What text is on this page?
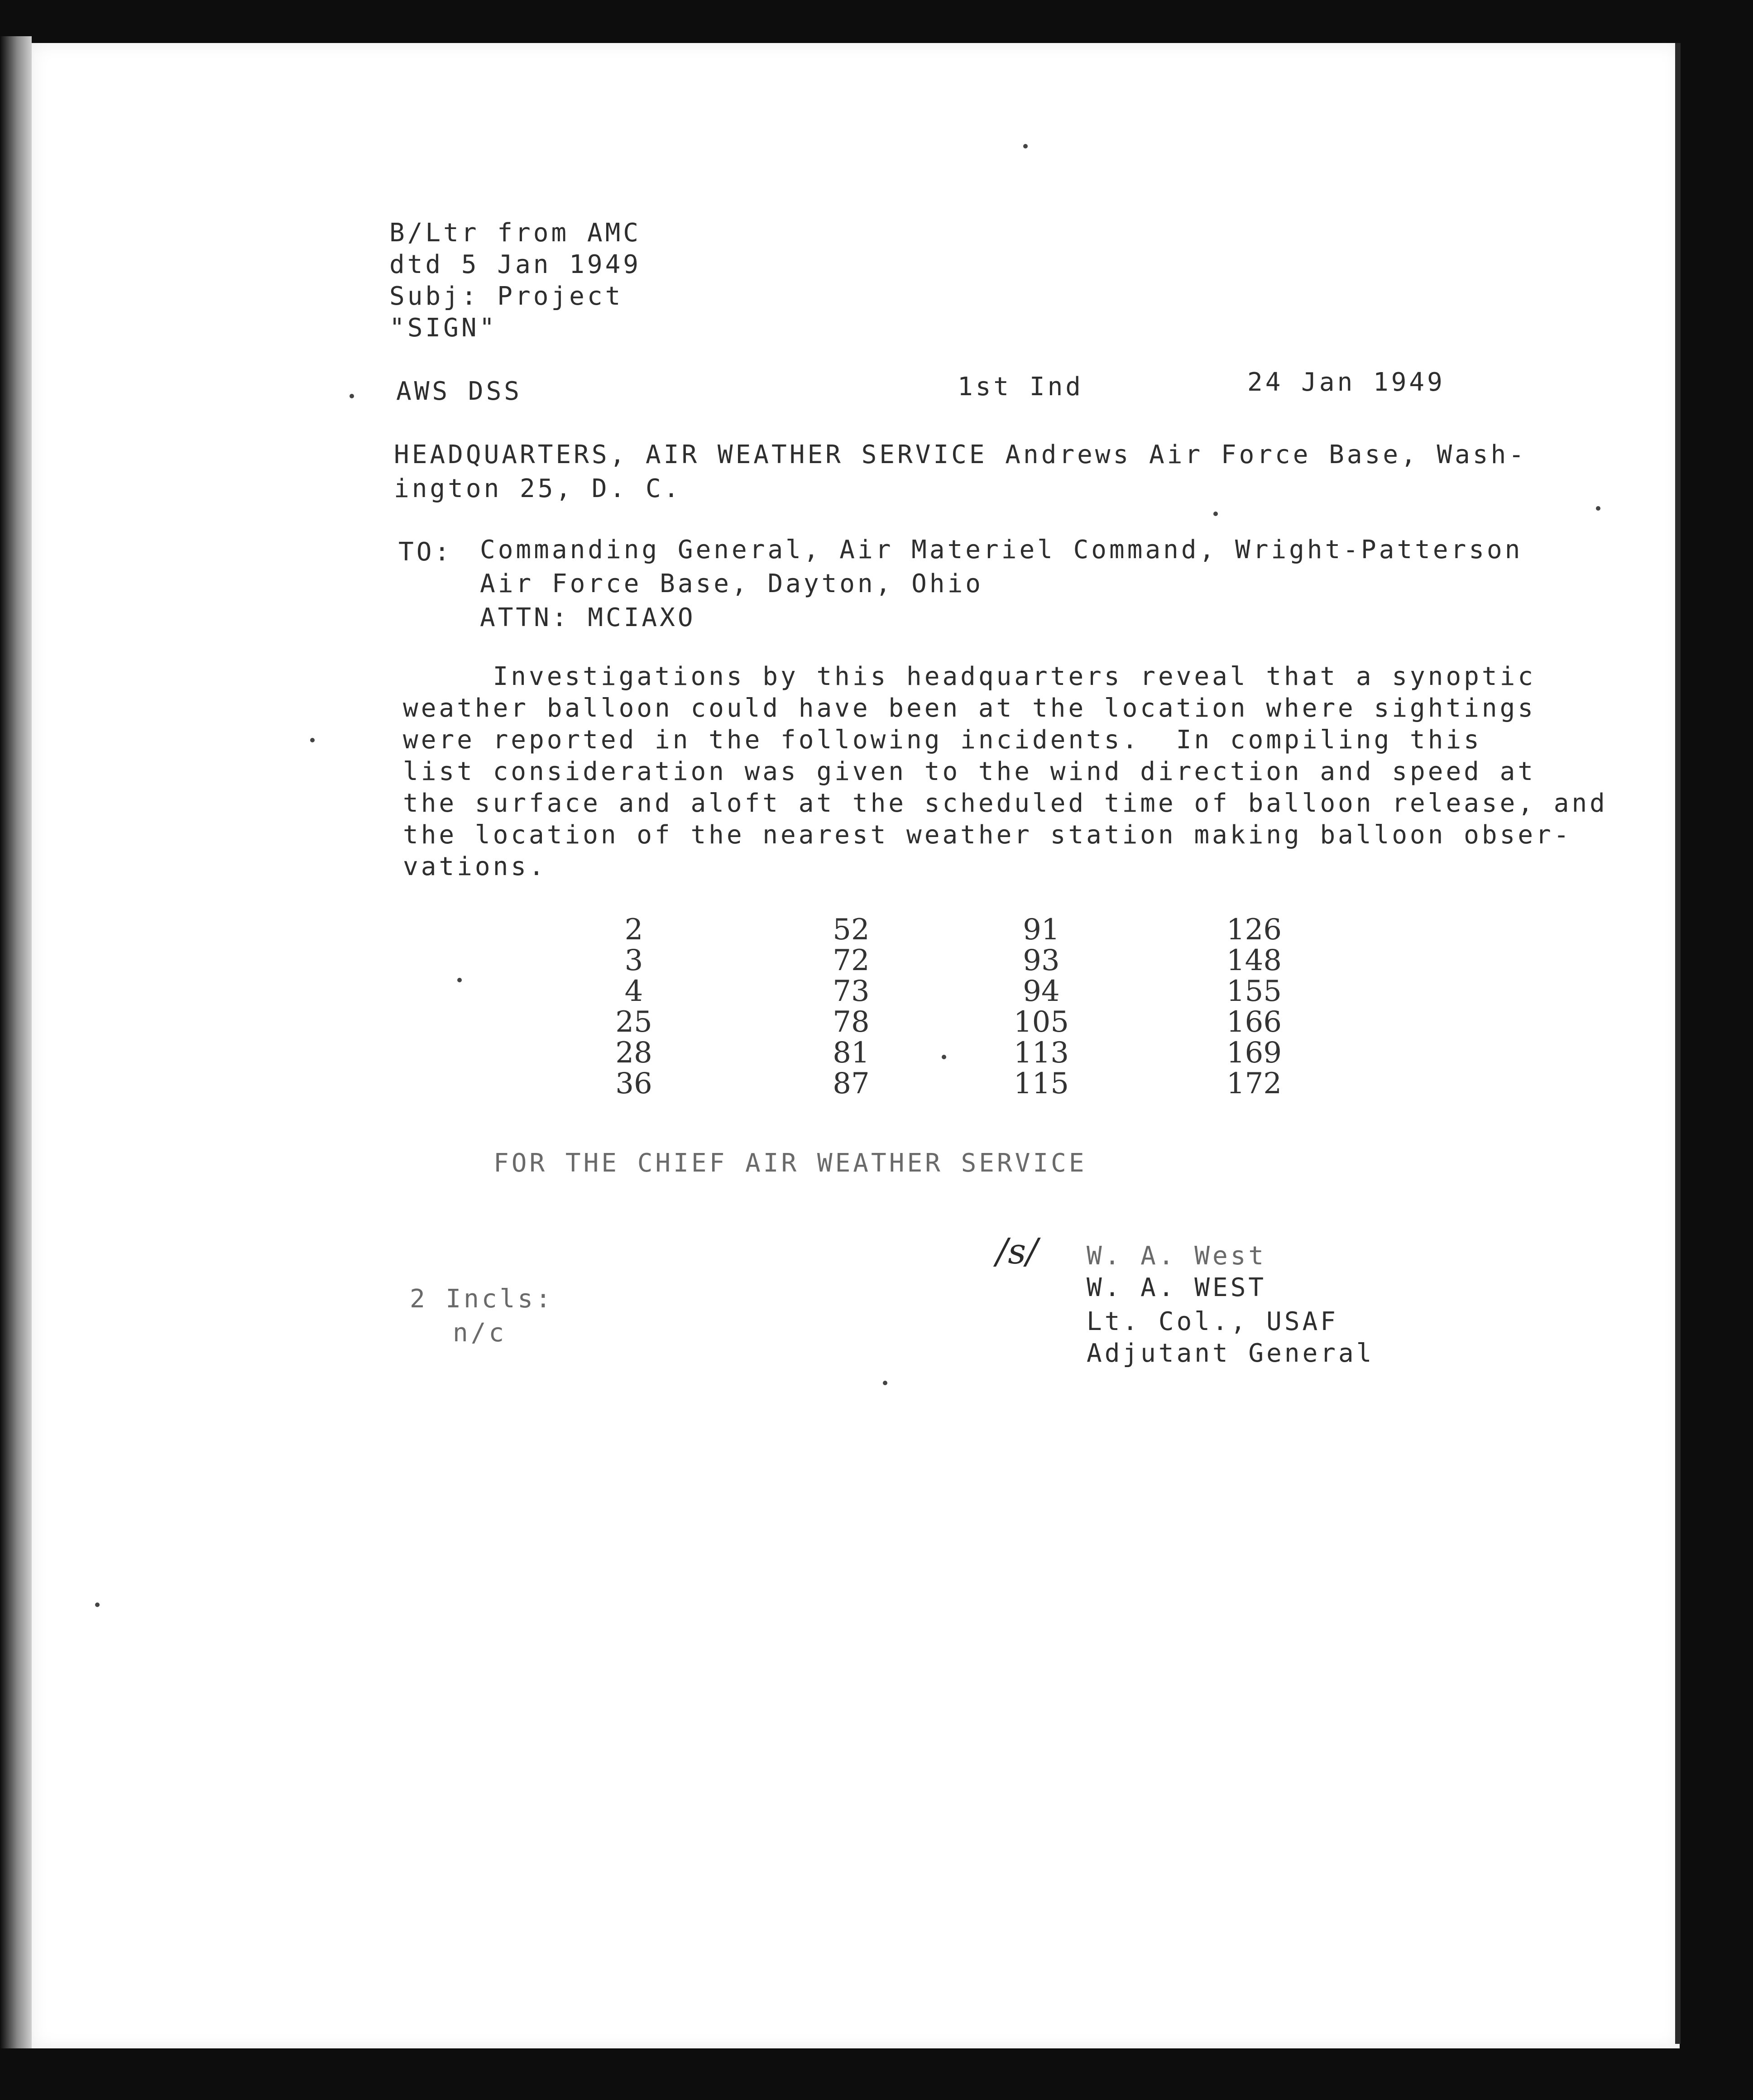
B/Ltr from AMC
dtd 5 Jan 1949
Subj: Project
"SIGN"
AWS DSS	1st Ind	24 Jan 1949
HEADQUARTERS, AIR WEATHER SERVICE Andrews Air Force Base, Wash-
ington 25, D. C.
TO: Commanding General, Air Materiel Command, Wright-Patterson
Air Force Base, Dayton, Ohio
ATTN: MCIAXO
Investigations by this headquarters reveal that a synoptic
weather balloon could have been at the location where sightings
were reported in the following incidents.  In compiling this
list consideration was given to the wind direction and speed at
the surface and aloft at the scheduled time of balloon release, and
the location of the nearest weather station making balloon obser-
vations.
2
3
4
25
28
36
52
72
73
78
81
87
91
93
94
105
113
115
126
148
155
166
169
172
FOR THE CHIEF AIR WEATHER SERVICE
/s/ W. A. West
W. A. WEST
Lt. Col., USAF
Adjutant General
2 Incls:
n/c
